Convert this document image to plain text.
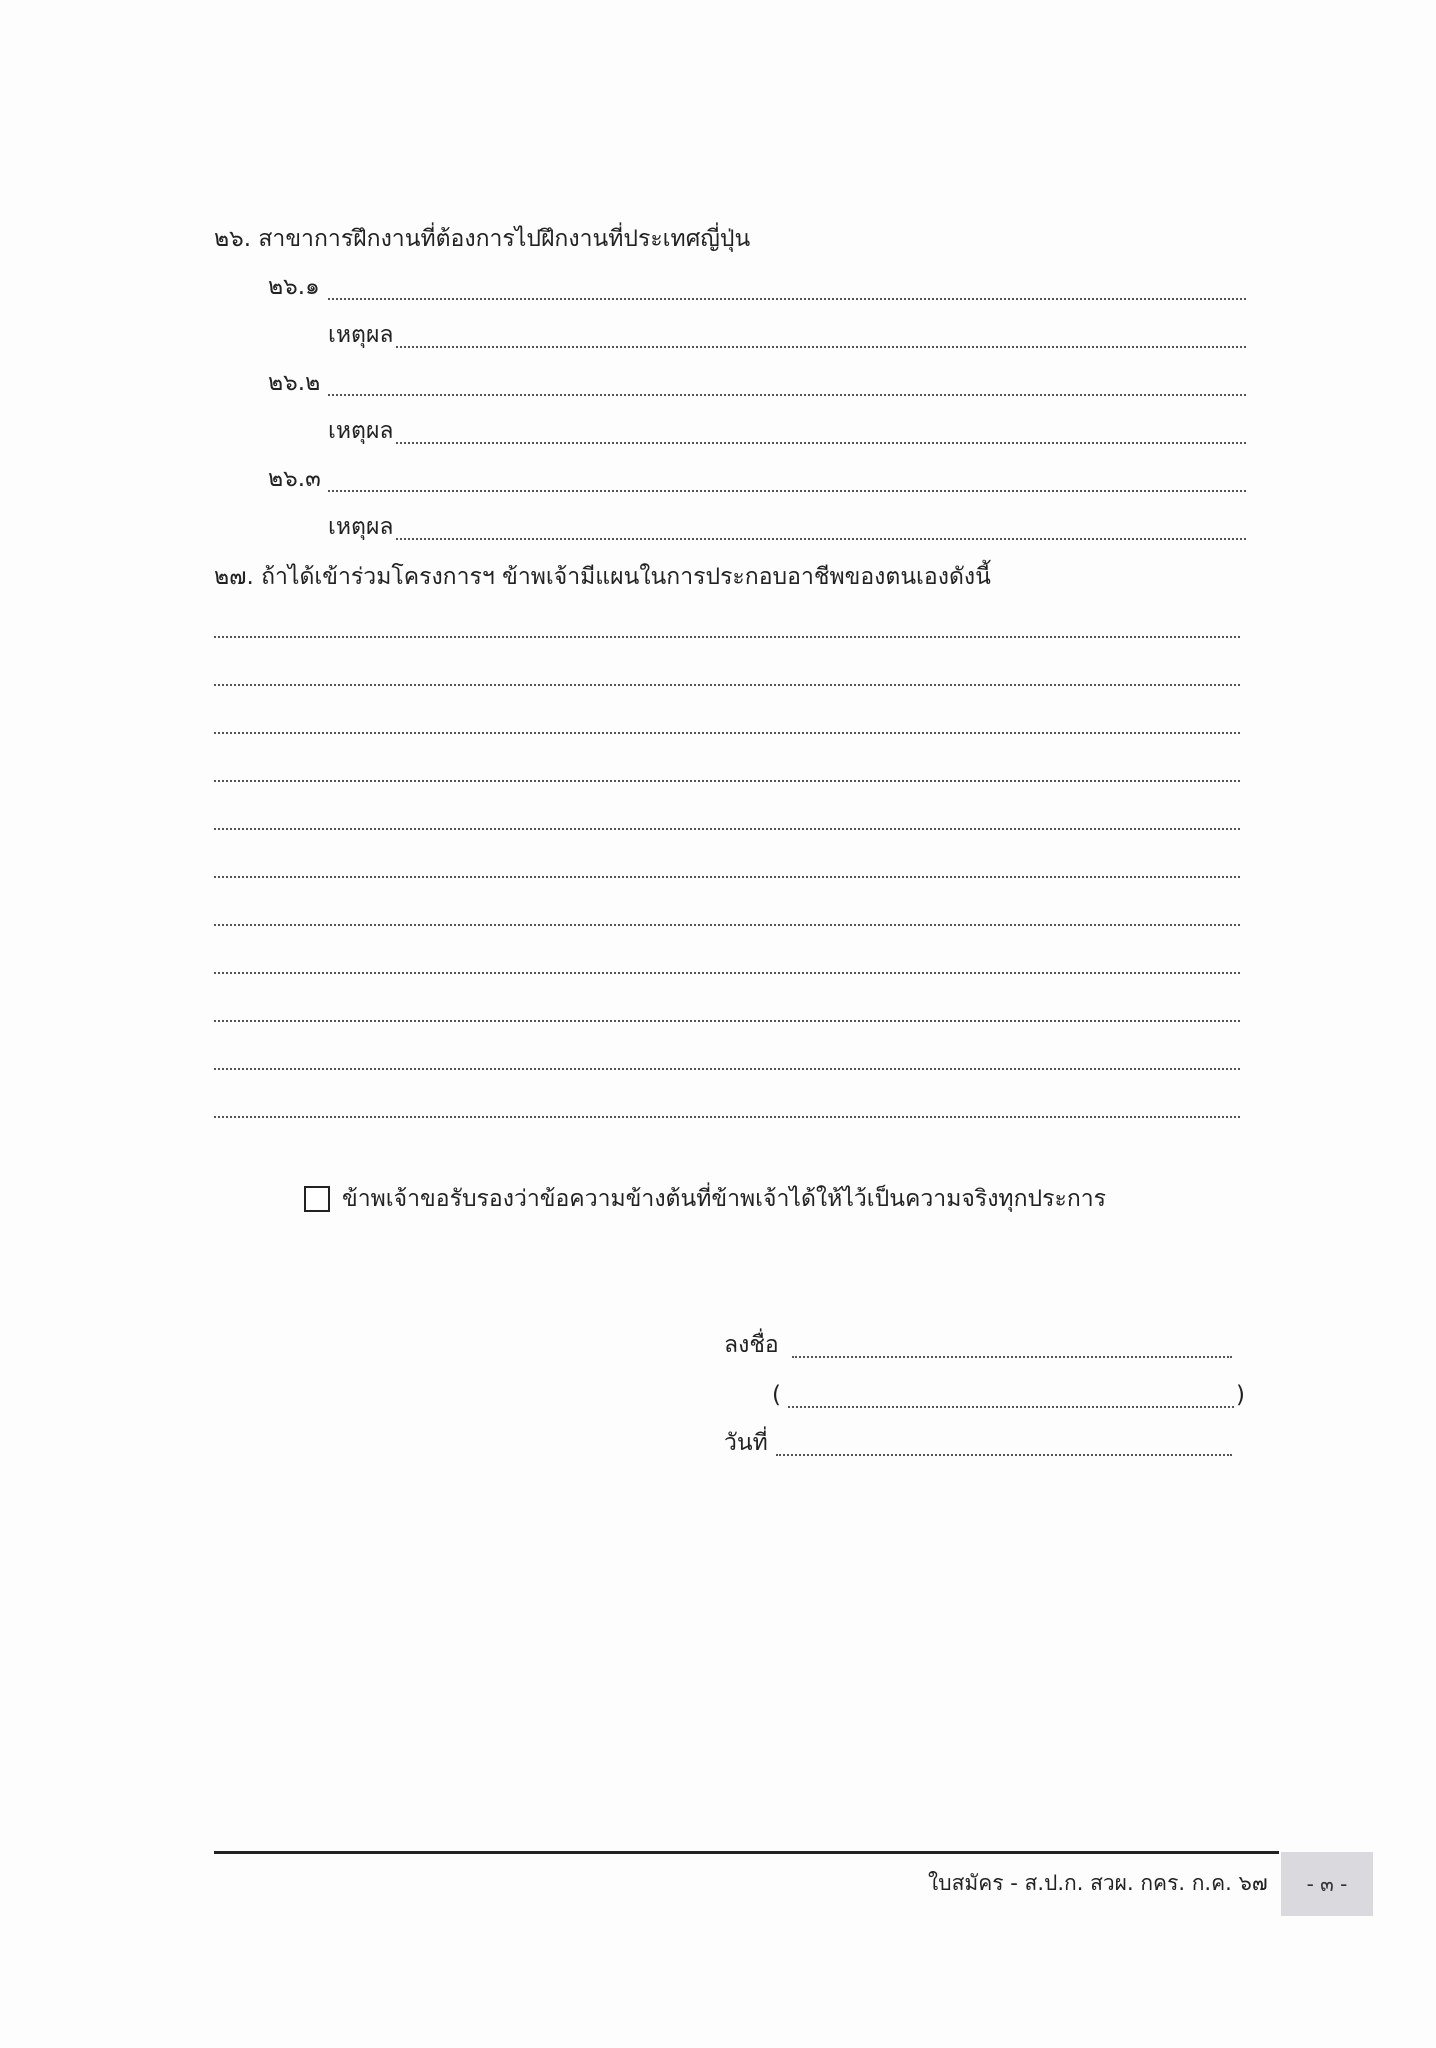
๒๖. สาขาการฝึกงานที่ต้องการไปฝึกงานที่ประเทศญี่ปุ่น
๒๖.๑
เหตุผล
๒๖.๒
เหตุผล
๒๖.๓
เหตุผล
๒๗. ถ้าได้เข้าร่วมโครงการฯ ข้าพเจ้ามีแผนในการประกอบอาชีพของตนเองดังนี้
ข้าพเจ้าขอรับรองว่าข้อความข้างต้นที่ข้าพเจ้าได้ให้ไว้เป็นความจริงทุกประการ
ลงชื่อ
(	)
วันที่
ใบสมัคร - ส.ป.ก. สวผ. กคร. ก.ค. ๖๗	- ๓ -
